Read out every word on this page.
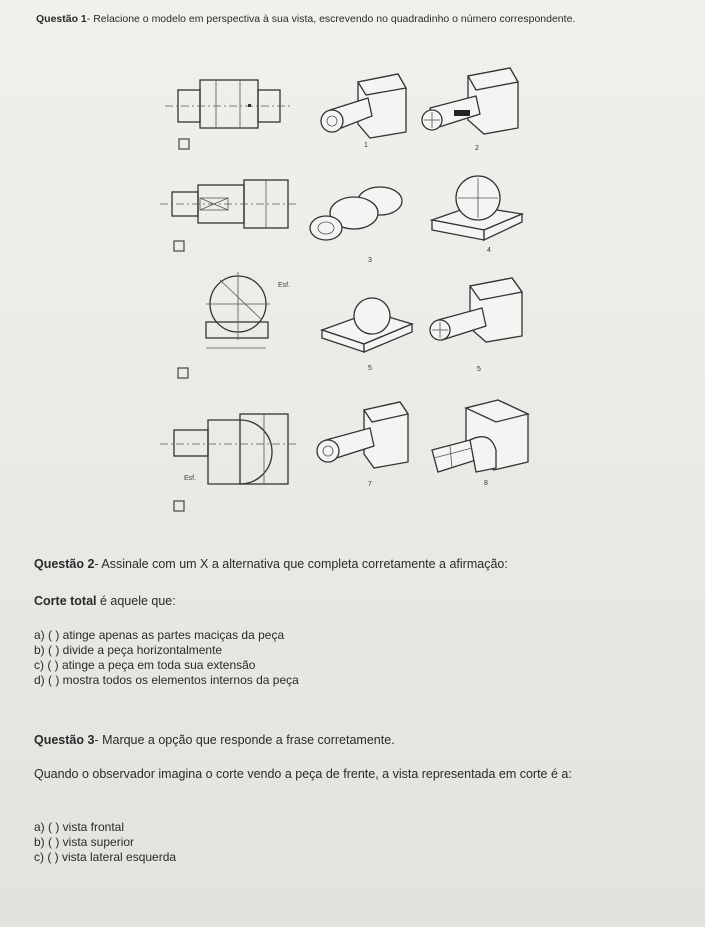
Questão 1- Relacione o modelo em perspectiva à sua vista, escrevendo no quadradinho o número correspondente.
1	2
3
4
Esf.
5	5
Esf.
7	8
Questão 2- Assinale com um X a alternativa que completa corretamente a afirmação:
Corte total é aquele que:
a) ( ) atinge apenas as partes maciças da peça
b) ( ) divide a peça horizontalmente
c) ( ) atinge a peça em toda sua extensão
d) ( ) mostra todos os elementos internos da peça
Questão 3- Marque a opção que responde a frase corretamente.
Quando o observador imagina o corte vendo a peça de frente, a vista representada em corte é a:
a) ( ) vista frontal
b) ( ) vista superior
c) ( ) vista lateral esquerda
